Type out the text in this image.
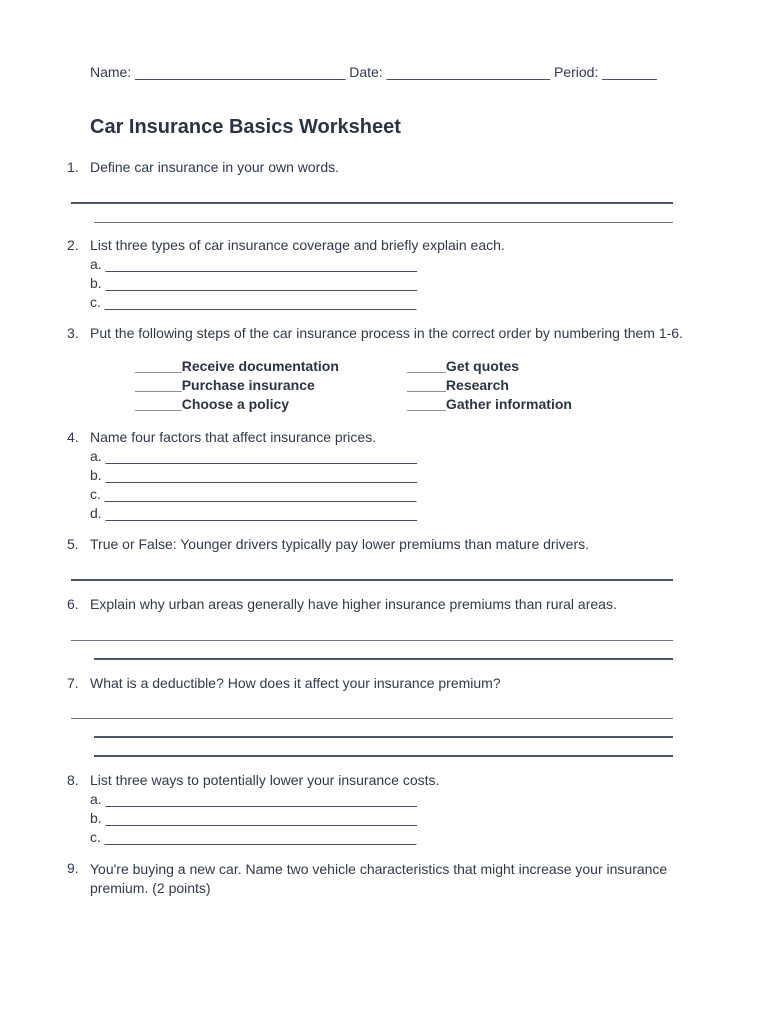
Name: ___________________________ Date: _____________________ Period: _______
Car Insurance Basics Worksheet
1. Define car insurance in your own words.
2. List three types of car insurance coverage and briefly explain each.
a. ________________________________________
b. ________________________________________
c. ________________________________________
3. Put the following steps of the car insurance process in the correct order by numbering them 1-6.
______Receive documentation
______Purchase insurance
______Choose a policy
_____Get quotes
_____Research
_____Gather information
4. Name four factors that affect insurance prices.
a. ________________________________________
b. ________________________________________
c. ________________________________________
d. ________________________________________
5. True or False: Younger drivers typically pay lower premiums than mature drivers.
6. Explain why urban areas generally have higher insurance premiums than rural areas.
7. What is a deductible? How does it affect your insurance premium?
8. List three ways to potentially lower your insurance costs.
a. ________________________________________
b. ________________________________________
c. ________________________________________
9. You're buying a new car. Name two vehicle characteristics that might increase your insurance premium. (2 points)
